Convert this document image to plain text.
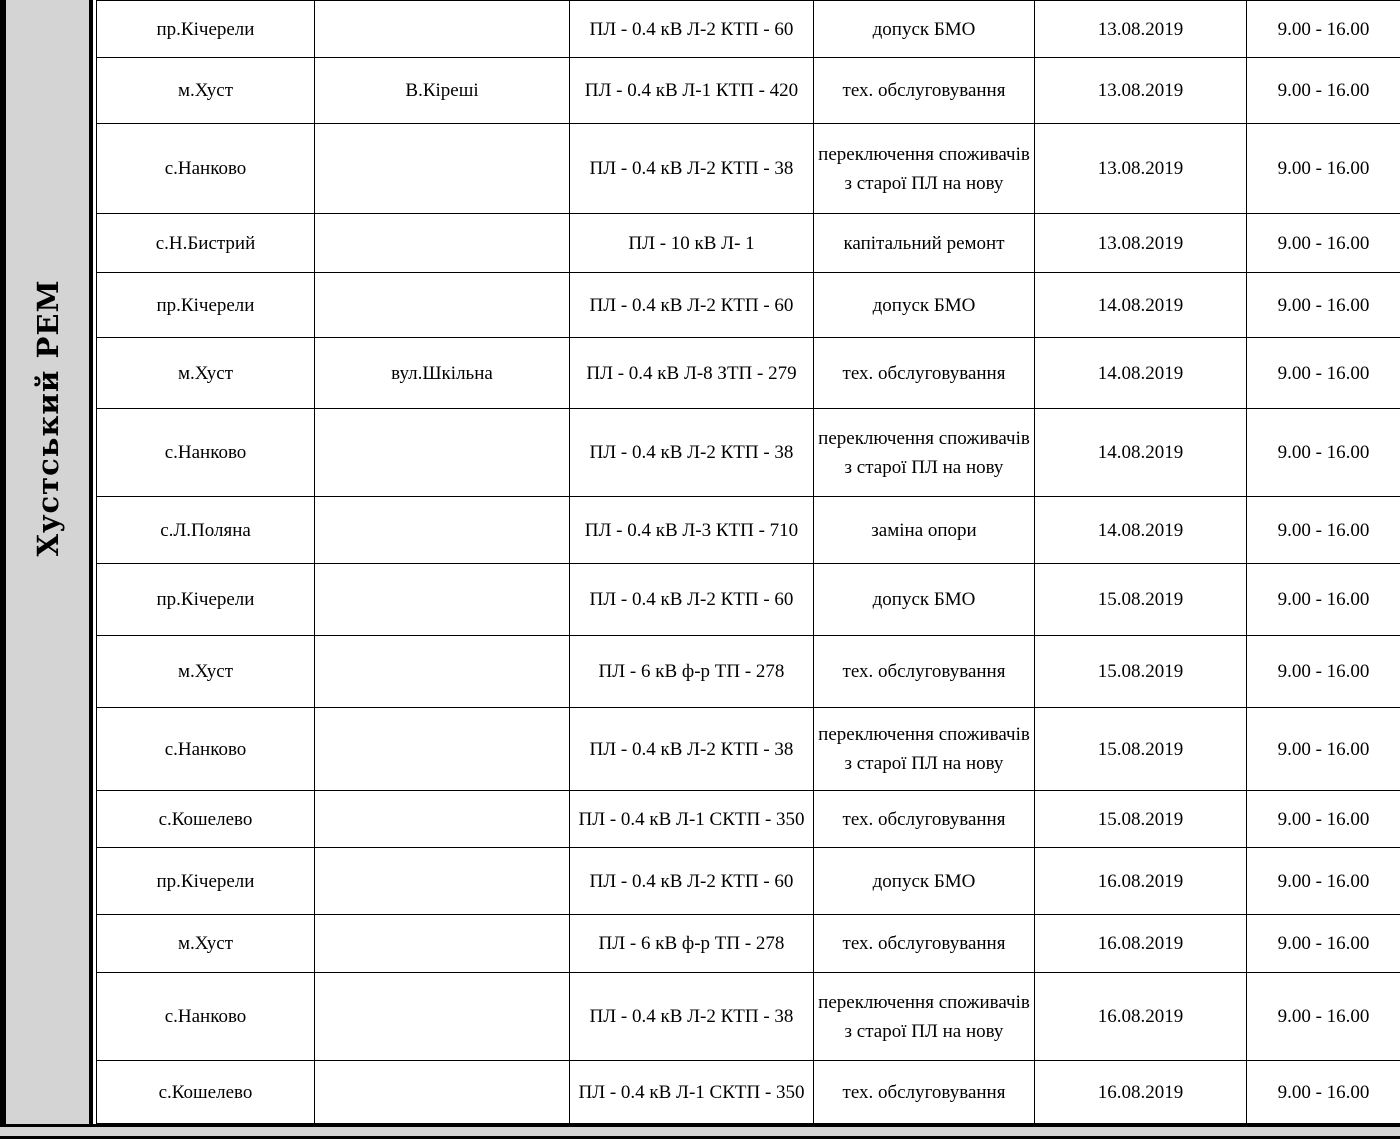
Хустський РЕМ
пр.Кічерели		ПЛ - 0.4 кВ Л-2 КТП - 60	допуск БМО	13.08.2019	9.00 - 16.00
м.Хуст	В.Кіреші	ПЛ - 0.4 кВ Л-1 КТП - 420	тех. обслуговування	13.08.2019	9.00 - 16.00
с.Нанково		ПЛ - 0.4 кВ Л-2 КТП - 38	переключення споживачів з старої ПЛ на нову	13.08.2019	9.00 - 16.00
с.Н.Бистрий		ПЛ - 10 кВ Л- 1	капітальний ремонт	13.08.2019	9.00 - 16.00
пр.Кічерели		ПЛ - 0.4 кВ Л-2 КТП - 60	допуск БМО	14.08.2019	9.00 - 16.00
м.Хуст	вул.Шкільна	ПЛ - 0.4 кВ Л-8 ЗТП - 279	тех. обслуговування	14.08.2019	9.00 - 16.00
с.Нанково		ПЛ - 0.4 кВ Л-2 КТП - 38	переключення споживачів з старої ПЛ на нову	14.08.2019	9.00 - 16.00
с.Л.Поляна		ПЛ - 0.4 кВ Л-3 КТП - 710	заміна опори	14.08.2019	9.00 - 16.00
пр.Кічерели		ПЛ - 0.4 кВ Л-2 КТП - 60	допуск БМО	15.08.2019	9.00 - 16.00
м.Хуст		ПЛ - 6 кВ ф-р ТП - 278	тех. обслуговування	15.08.2019	9.00 - 16.00
с.Нанково		ПЛ - 0.4 кВ Л-2 КТП - 38	переключення споживачів з старої ПЛ на нову	15.08.2019	9.00 - 16.00
с.Кошелево		ПЛ - 0.4 кВ Л-1 СКТП - 350	тех. обслуговування	15.08.2019	9.00 - 16.00
пр.Кічерели		ПЛ - 0.4 кВ Л-2 КТП - 60	допуск БМО	16.08.2019	9.00 - 16.00
м.Хуст		ПЛ - 6 кВ ф-р ТП - 278	тех. обслуговування	16.08.2019	9.00 - 16.00
с.Нанково		ПЛ - 0.4 кВ Л-2 КТП - 38	переключення споживачів з старої ПЛ на нову	16.08.2019	9.00 - 16.00
с.Кошелево		ПЛ - 0.4 кВ Л-1 СКТП - 350	тех. обслуговування	16.08.2019	9.00 - 16.00
